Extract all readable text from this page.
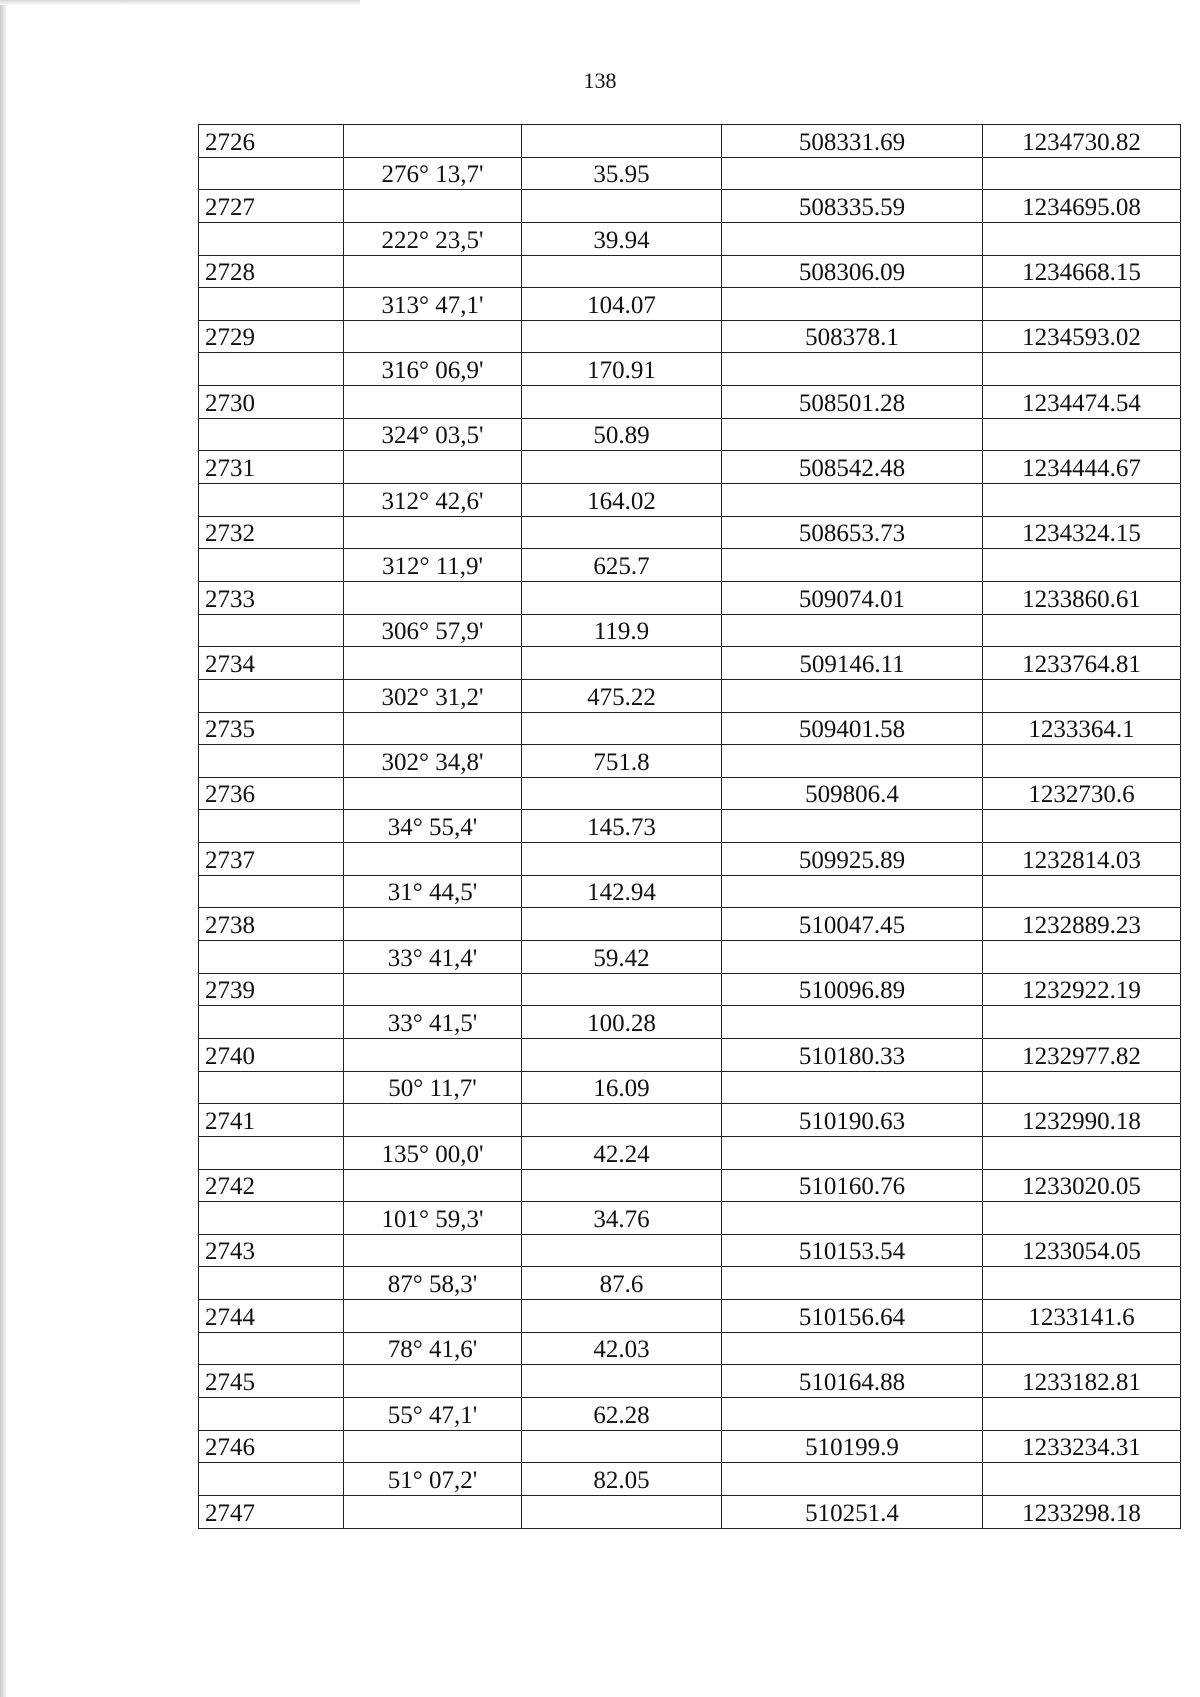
138
2726			508331.69	1234730.82
	276° 13,7'	35.95		
2727			508335.59	1234695.08
	222° 23,5'	39.94		
2728			508306.09	1234668.15
	313° 47,1'	104.07		
2729			508378.1	1234593.02
	316° 06,9'	170.91		
2730			508501.28	1234474.54
	324° 03,5'	50.89		
2731			508542.48	1234444.67
	312° 42,6'	164.02		
2732			508653.73	1234324.15
	312° 11,9'	625.7		
2733			509074.01	1233860.61
	306° 57,9'	119.9		
2734			509146.11	1233764.81
	302° 31,2'	475.22		
2735			509401.58	1233364.1
	302° 34,8'	751.8		
2736			509806.4	1232730.6
	34° 55,4'	145.73		
2737			509925.89	1232814.03
	31° 44,5'	142.94		
2738			510047.45	1232889.23
	33° 41,4'	59.42		
2739			510096.89	1232922.19
	33° 41,5'	100.28		
2740			510180.33	1232977.82
	50° 11,7'	16.09		
2741			510190.63	1232990.18
	135° 00,0'	42.24		
2742			510160.76	1233020.05
	101° 59,3'	34.76		
2743			510153.54	1233054.05
	87° 58,3'	87.6		
2744			510156.64	1233141.6
	78° 41,6'	42.03		
2745			510164.88	1233182.81
	55° 47,1'	62.28		
2746			510199.9	1233234.31
	51° 07,2'	82.05		
2747			510251.4	1233298.18
